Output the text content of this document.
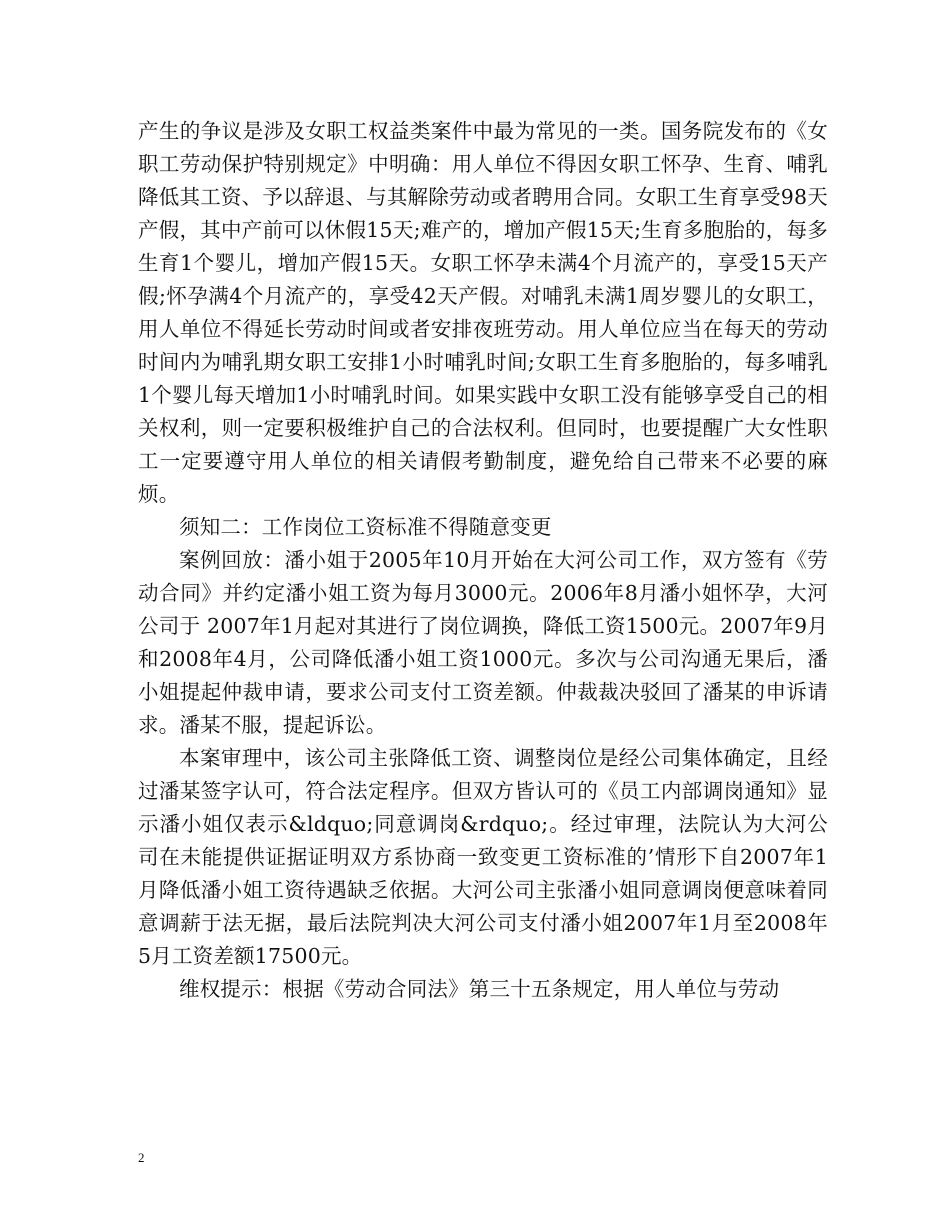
产生的争议是涉及女职工权益类案件中最为常见的一类。国务院发布的《女职工劳动保护特别规定》中明确：用人单位不得因女职工怀孕、生育、哺乳降低其工资、予以辞退、与其解除劳动或者聘用合同。女职工生育享受98天产假，其中产前可以休假15天;难产的，增加产假15天;生育多胞胎的，每多生育1个婴儿，增加产假15天。女职工怀孕未满4个月流产的，享受15天产假;怀孕满4个月流产的，享受42天产假。对哺乳未满1周岁婴儿的女职工，用人单位不得延长劳动时间或者安排夜班劳动。用人单位应当在每天的劳动时间内为哺乳期女职工安排1小时哺乳时间;女职工生育多胞胎的，每多哺乳1个婴儿每天增加1小时哺乳时间。如果实践中女职工没有能够享受自己的相关权利，则一定要积极维护自己的合法权利。但同时，也要提醒广大女性职工一定要遵守用人单位的相关请假考勤制度，避免给自己带来不必要的麻烦。

须知二：工作岗位工资标准不得随意变更

案例回放：潘小姐于2005年10月开始在大河公司工作，双方签有《劳动合同》并约定潘小姐工资为每月3000元。2006年8月潘小姐怀孕，大河公司于 2007年1月起对其进行了岗位调换，降低工资1500元。2007年9月和2008年4月，公司降低潘小姐工资1000元。多次与公司沟通无果后，潘小姐提起仲裁申请，要求公司支付工资差额。仲裁裁决驳回了潘某的申诉请求。潘某不服，提起诉讼。

本案审理中，该公司主张降低工资、调整岗位是经公司集体确定，且经过潘某签字认可，符合法定程序。但双方皆认可的《员工内部调岗通知》显示潘小姐仅表示&ldquo;同意调岗&rdquo;。经过审理，法院认为大河公司在未能提供证据证明双方系协商一致变更工资标准的’情形下自2007年1月降低潘小姐工资待遇缺乏依据。大河公司主张潘小姐同意调岗便意味着同意调薪于法无据，最后法院判决大河公司支付潘小姐2007年1月至2008年5月工资差额17500元。

维权提示：根据《劳动合同法》第三十五条规定，用人单位与劳动

2
